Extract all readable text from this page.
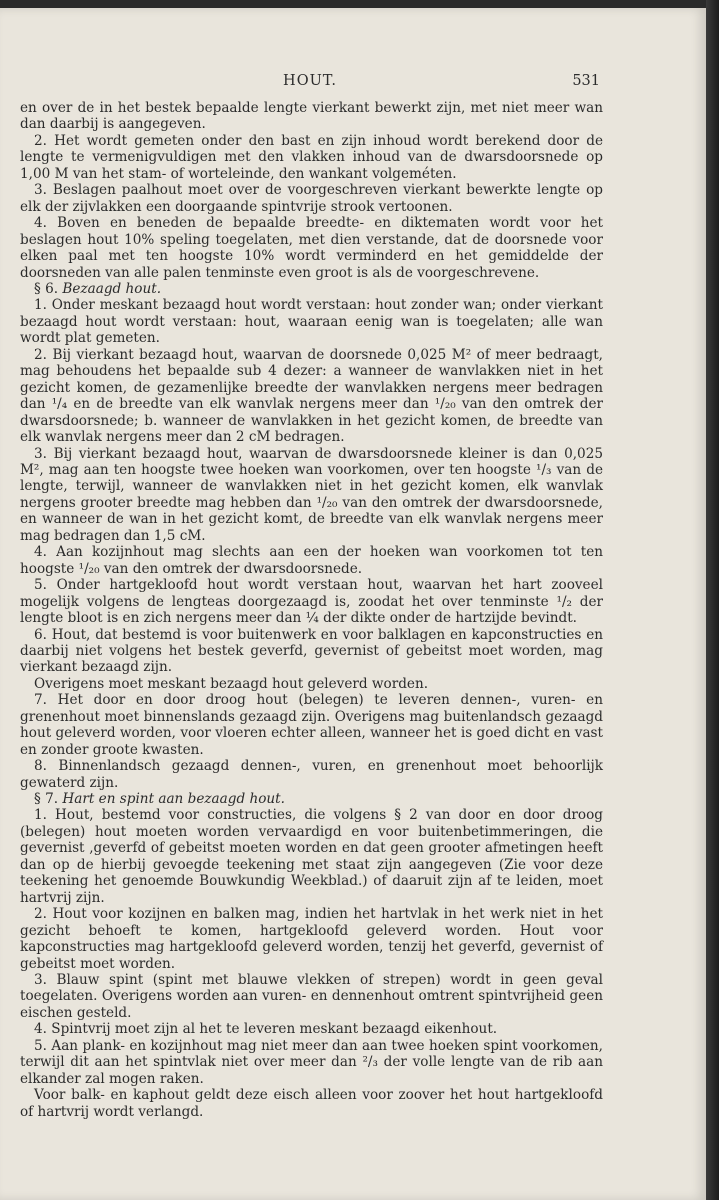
HOUT.	531

en over de in het bestek bepaalde lengte vierkant bewerkt zijn, met niet meer wan dan daarbij is aangegeven.

2. Het wordt gemeten onder den bast en zijn inhoud wordt berekend door de lengte te vermenigvuldigen met den vlakken inhoud van de dwarsdoorsnede op 1,00 M van het stam- of worteleinde, den wankant volgeméten.

3. Beslagen paalhout moet over de voorgeschreven vierkant bewerkte lengte op elk der zijvlakken een doorgaande spintvrije strook vertoonen.

4. Boven en beneden de bepaalde breedte- en diktematen wordt voor het beslagen hout 10% speling toegelaten, met dien verstande, dat de doorsnede voor elken paal met ten hoogste 10% wordt verminderd en het gemiddelde der doorsneden van alle palen tenminste even groot is als de voorgeschrevene.

§ 6. Bezaagd hout.

1. Onder meskant bezaagd hout wordt verstaan: hout zonder wan; onder vierkant bezaagd hout wordt verstaan: hout, waaraan eenig wan is toegelaten; alle wan wordt plat gemeten.

2. Bij vierkant bezaagd hout, waarvan de doorsnede 0,025 M² of meer bedraagt, mag behoudens het bepaalde sub 4 dezer: a wanneer de wanvlakken niet in het gezicht komen, de gezamenlijke breedte der wanvlakken nergens meer bedragen dan ¹/₄ en de breedte van elk wanvlak nergens meer dan ¹/₂₀ van den omtrek der dwarsdoorsnede; b. wanneer de wanvlakken in het gezicht komen, de breedte van elk wanvlak nergens meer dan 2 cM bedragen.

3. Bij vierkant bezaagd hout, waarvan de dwarsdoorsnede kleiner is dan 0,025 M², mag aan ten hoogste twee hoeken wan voorkomen, over ten hoogste ¹/₃ van de lengte, terwijl, wanneer de wanvlakken niet in het gezicht komen, elk wanvlak nergens grooter breedte mag hebben dan ¹/₂₀ van den omtrek der dwarsdoorsnede, en wanneer de wan in het gezicht komt, de breedte van elk wanvlak nergens meer mag bedragen dan 1,5 cM.

4. Aan kozijnhout mag slechts aan een der hoeken wan voorkomen tot ten hoogste ¹/₂₀ van den omtrek der dwarsdoorsnede.

5. Onder hartgekloofd hout wordt verstaan hout, waarvan het hart zooveel mogelijk volgens de lengteas doorgezaagd is, zoodat het over tenminste ¹/₂ der lengte bloot is en zich nergens meer dan ¼ der dikte onder de hartzijde bevindt.

6. Hout, dat bestemd is voor buitenwerk en voor balklagen en kapconstructies en daarbij niet volgens het bestek geverfd, gevernist of gebeitst moet worden, mag vierkant bezaagd zijn.

Overigens moet meskant bezaagd hout geleverd worden.

7. Het door en door droog hout (belegen) te leveren dennen-, vuren- en grenenhout moet binnenslands gezaagd zijn. Overigens mag buitenlandsch gezaagd hout geleverd worden, voor vloeren echter alleen, wanneer het is goed dicht en vast en zonder groote kwasten.

8. Binnenlandsch gezaagd dennen-, vuren, en grenenhout moet behoorlijk gewaterd zijn.

§ 7. Hart en spint aan bezaagd hout.

1. Hout, bestemd voor constructies, die volgens § 2 van door en door droog (belegen) hout moeten worden vervaardigd en voor buitenbetimmeringen, die gevernist ,geverfd of gebeitst moeten worden en dat geen grooter afmetingen heeft dan op de hierbij gevoegde teekening met staat zijn aangegeven (Zie voor deze teekening het genoemde Bouwkundig Weekblad.) of daaruit zijn af te leiden, moet hartvrij zijn.

2. Hout voor kozijnen en balken mag, indien het hartvlak in het werk niet in het gezicht behoeft te komen, hartgekloofd geleverd worden. Hout voor kapconstructies mag hartgekloofd geleverd worden, tenzij het geverfd, gevernist of gebeitst moet worden.

3. Blauw spint (spint met blauwe vlekken of strepen) wordt in geen geval toegelaten. Overigens worden aan vuren- en dennenhout omtrent spintvrijheid geen eischen gesteld.

4. Spintvrij moet zijn al het te leveren meskant bezaagd eikenhout.

5. Aan plank- en kozijnhout mag niet meer dan aan twee hoeken spint voorkomen, terwijl dit aan het spintvlak niet over meer dan ²/₃ der volle lengte van de rib aan elkander zal mogen raken.

Voor balk- en kaphout geldt deze eisch alleen voor zoover het hout hartgekloofd of hartvrij wordt verlangd.
